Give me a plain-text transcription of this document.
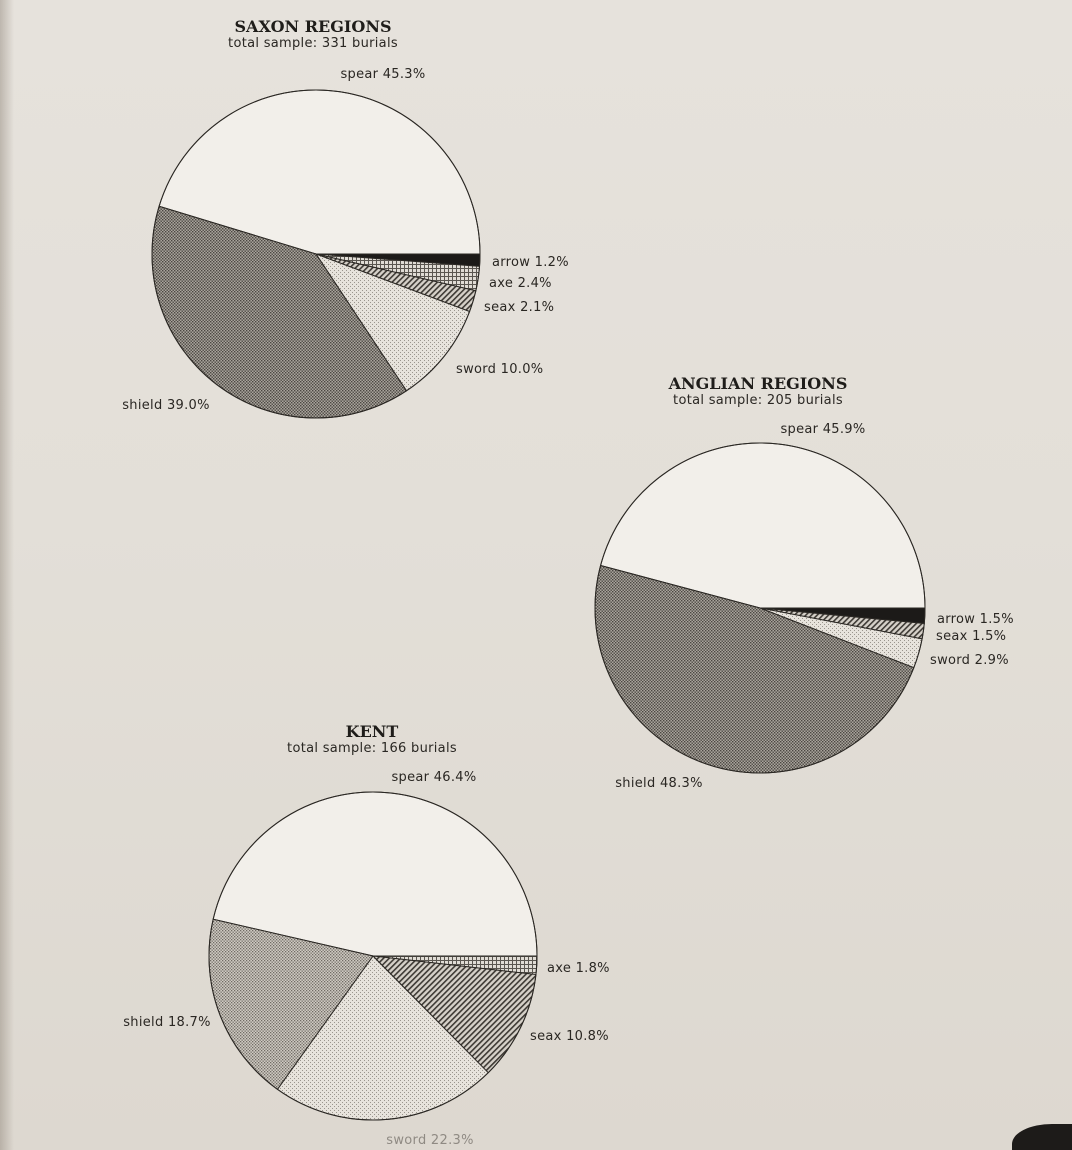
SAXON REGIONS
total sample: 331 burials
spear 45.3%
arrow 1.2%
axe 2.4%
seax 2.1%
sword 10.0%
shield 39.0%
ANGLIAN REGIONS
total sample: 205 burials
spear 45.9%
arrow 1.5%
seax 1.5%
sword 2.9%
shield 48.3%
KENT
total sample: 166 burials
spear 46.4%
axe 1.8%
seax 10.8%
sword 22.3%
shield 18.7%
